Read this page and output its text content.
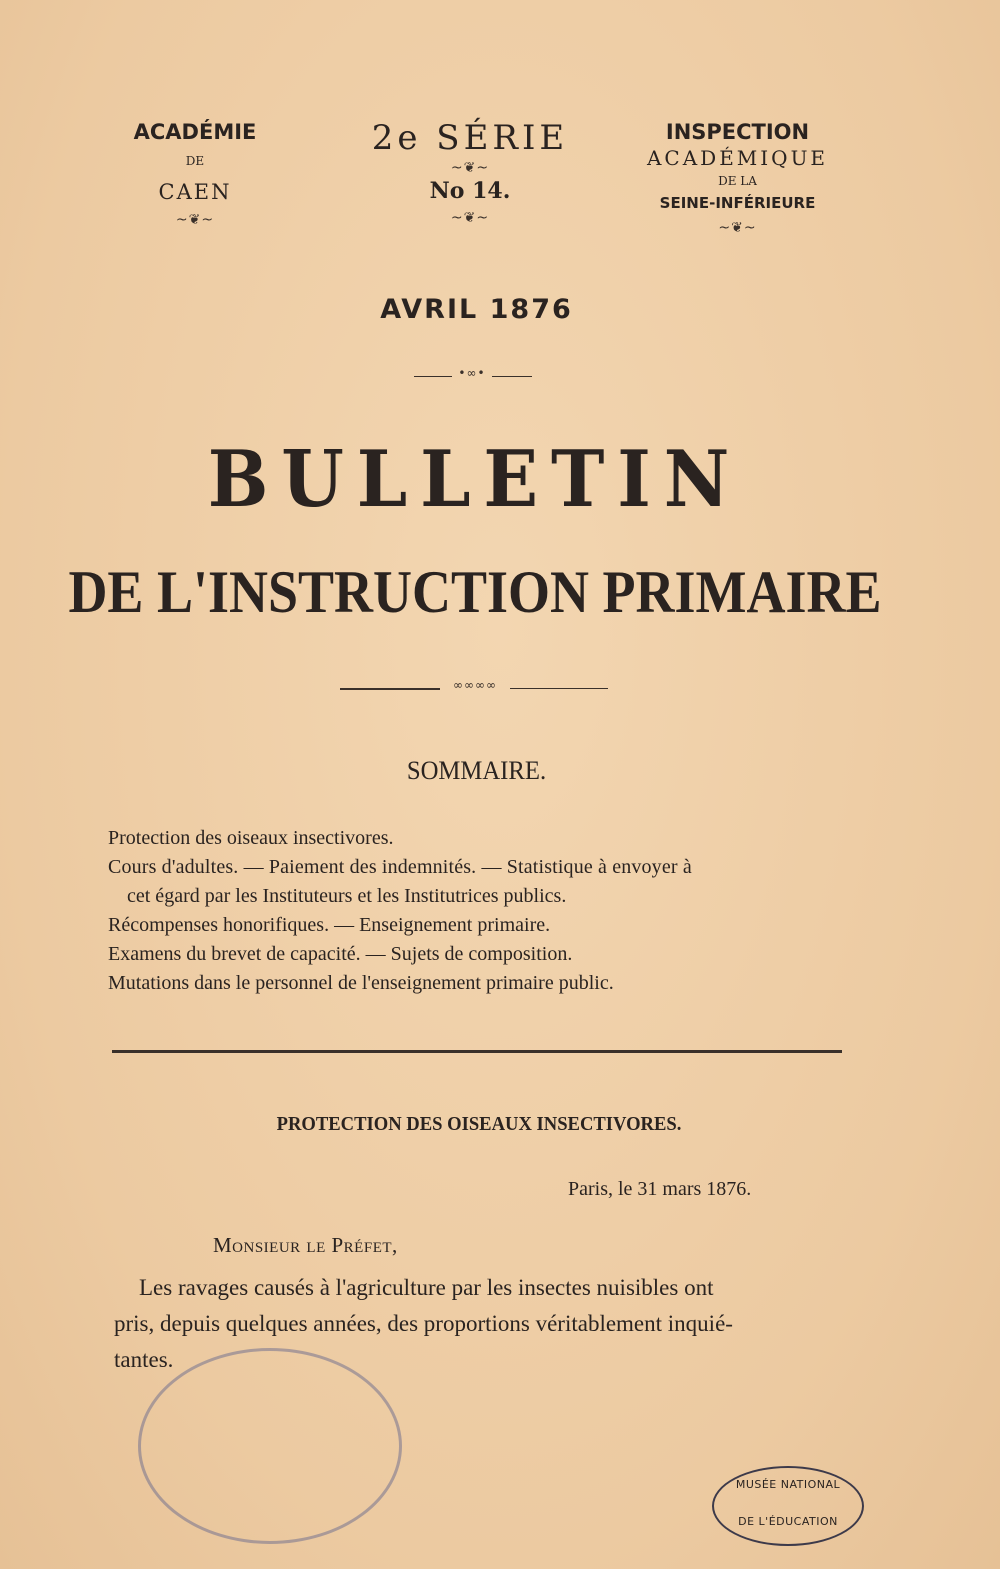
ACADÉMIE
DE
CAEN
~❦~
2e SÉRIE
~❦~
No 14.
~❦~
INSPECTION
ACADÉMIQUE
DE LA
SEINE-INFÉRIEURE
~❦~
AVRIL 1876
•∞•
BULLETIN
DE L'INSTRUCTION PRIMAIRE
∞∞∞∞
SOMMAIRE.

Protection des oiseaux insectivores.

Cours d'adultes. — Paiement des indemnités. — Statistique à envoyer à

cet égard par les Instituteurs et les Institutrices publics.

Récompenses honorifiques. — Enseignement primaire.

Examens du brevet de capacité. — Sujets de composition.

Mutations dans le personnel de l'enseignement primaire public.

PROTECTION DES OISEAUX INSECTIVORES.
Paris, le 31 mars 1876.
Monsieur le Préfet,
Les ravages causés à l'agriculture par les insectes nuisibles ont
pris, depuis quelques années, des proportions véritablement inquié-
tantes.
MUSÉE NATIONAL
DE L'ÉDUCATION
